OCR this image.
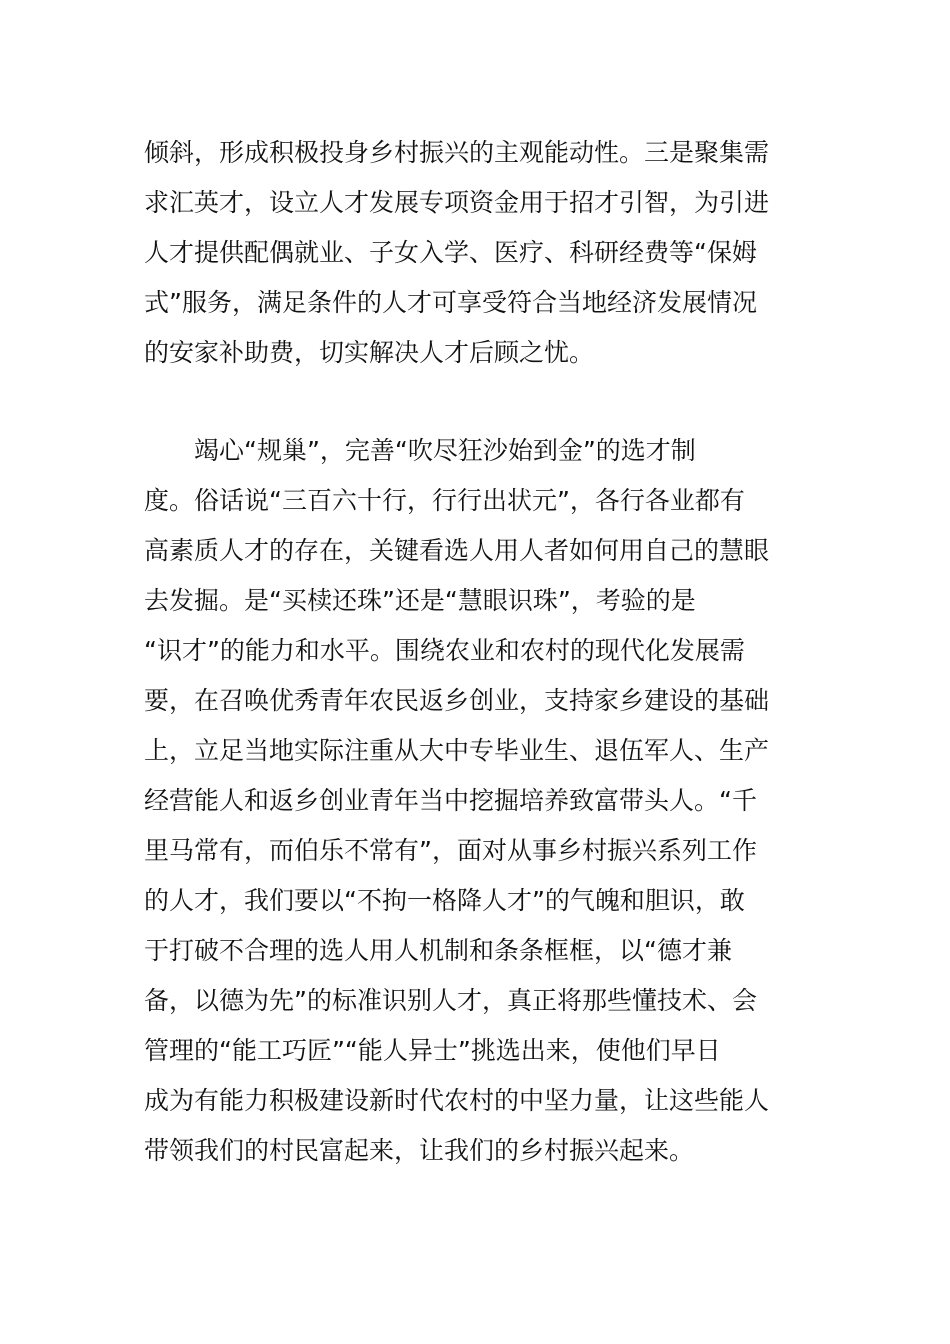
倾斜，形成积极投身乡村振兴的主观能动性。三是聚集需
求汇英才，设立人才发展专项资金用于招才引智，为引进
人才提供配偶就业、子女入学、医疗、科研经费等“保姆
式”服务，满足条件的人才可享受符合当地经济发展情况
的安家补助费，切实解决人才后顾之忧。
竭心“规巢”，完善“吹尽狂沙始到金”的选才制
度。俗话说“三百六十行，行行出状元”，各行各业都有
高素质人才的存在，关键看选人用人者如何用自己的慧眼
去发掘。是“买椟还珠”还是“慧眼识珠”，考验的是
“识才”的能力和水平。围绕农业和农村的现代化发展需
要，在召唤优秀青年农民返乡创业，支持家乡建设的基础
上，立足当地实际注重从大中专毕业生、退伍军人、生产
经营能人和返乡创业青年当中挖掘培养致富带头人。“千
里马常有，而伯乐不常有”，面对从事乡村振兴系列工作
的人才，我们要以“不拘一格降人才”的气魄和胆识，敢
于打破不合理的选人用人机制和条条框框，以“德才兼
备，以德为先”的标准识别人才，真正将那些懂技术、会
管理的“能工巧匠”“能人异士”挑选出来，使他们早日
成为有能力积极建设新时代农村的中坚力量，让这些能人
带领我们的村民富起来，让我们的乡村振兴起来。
